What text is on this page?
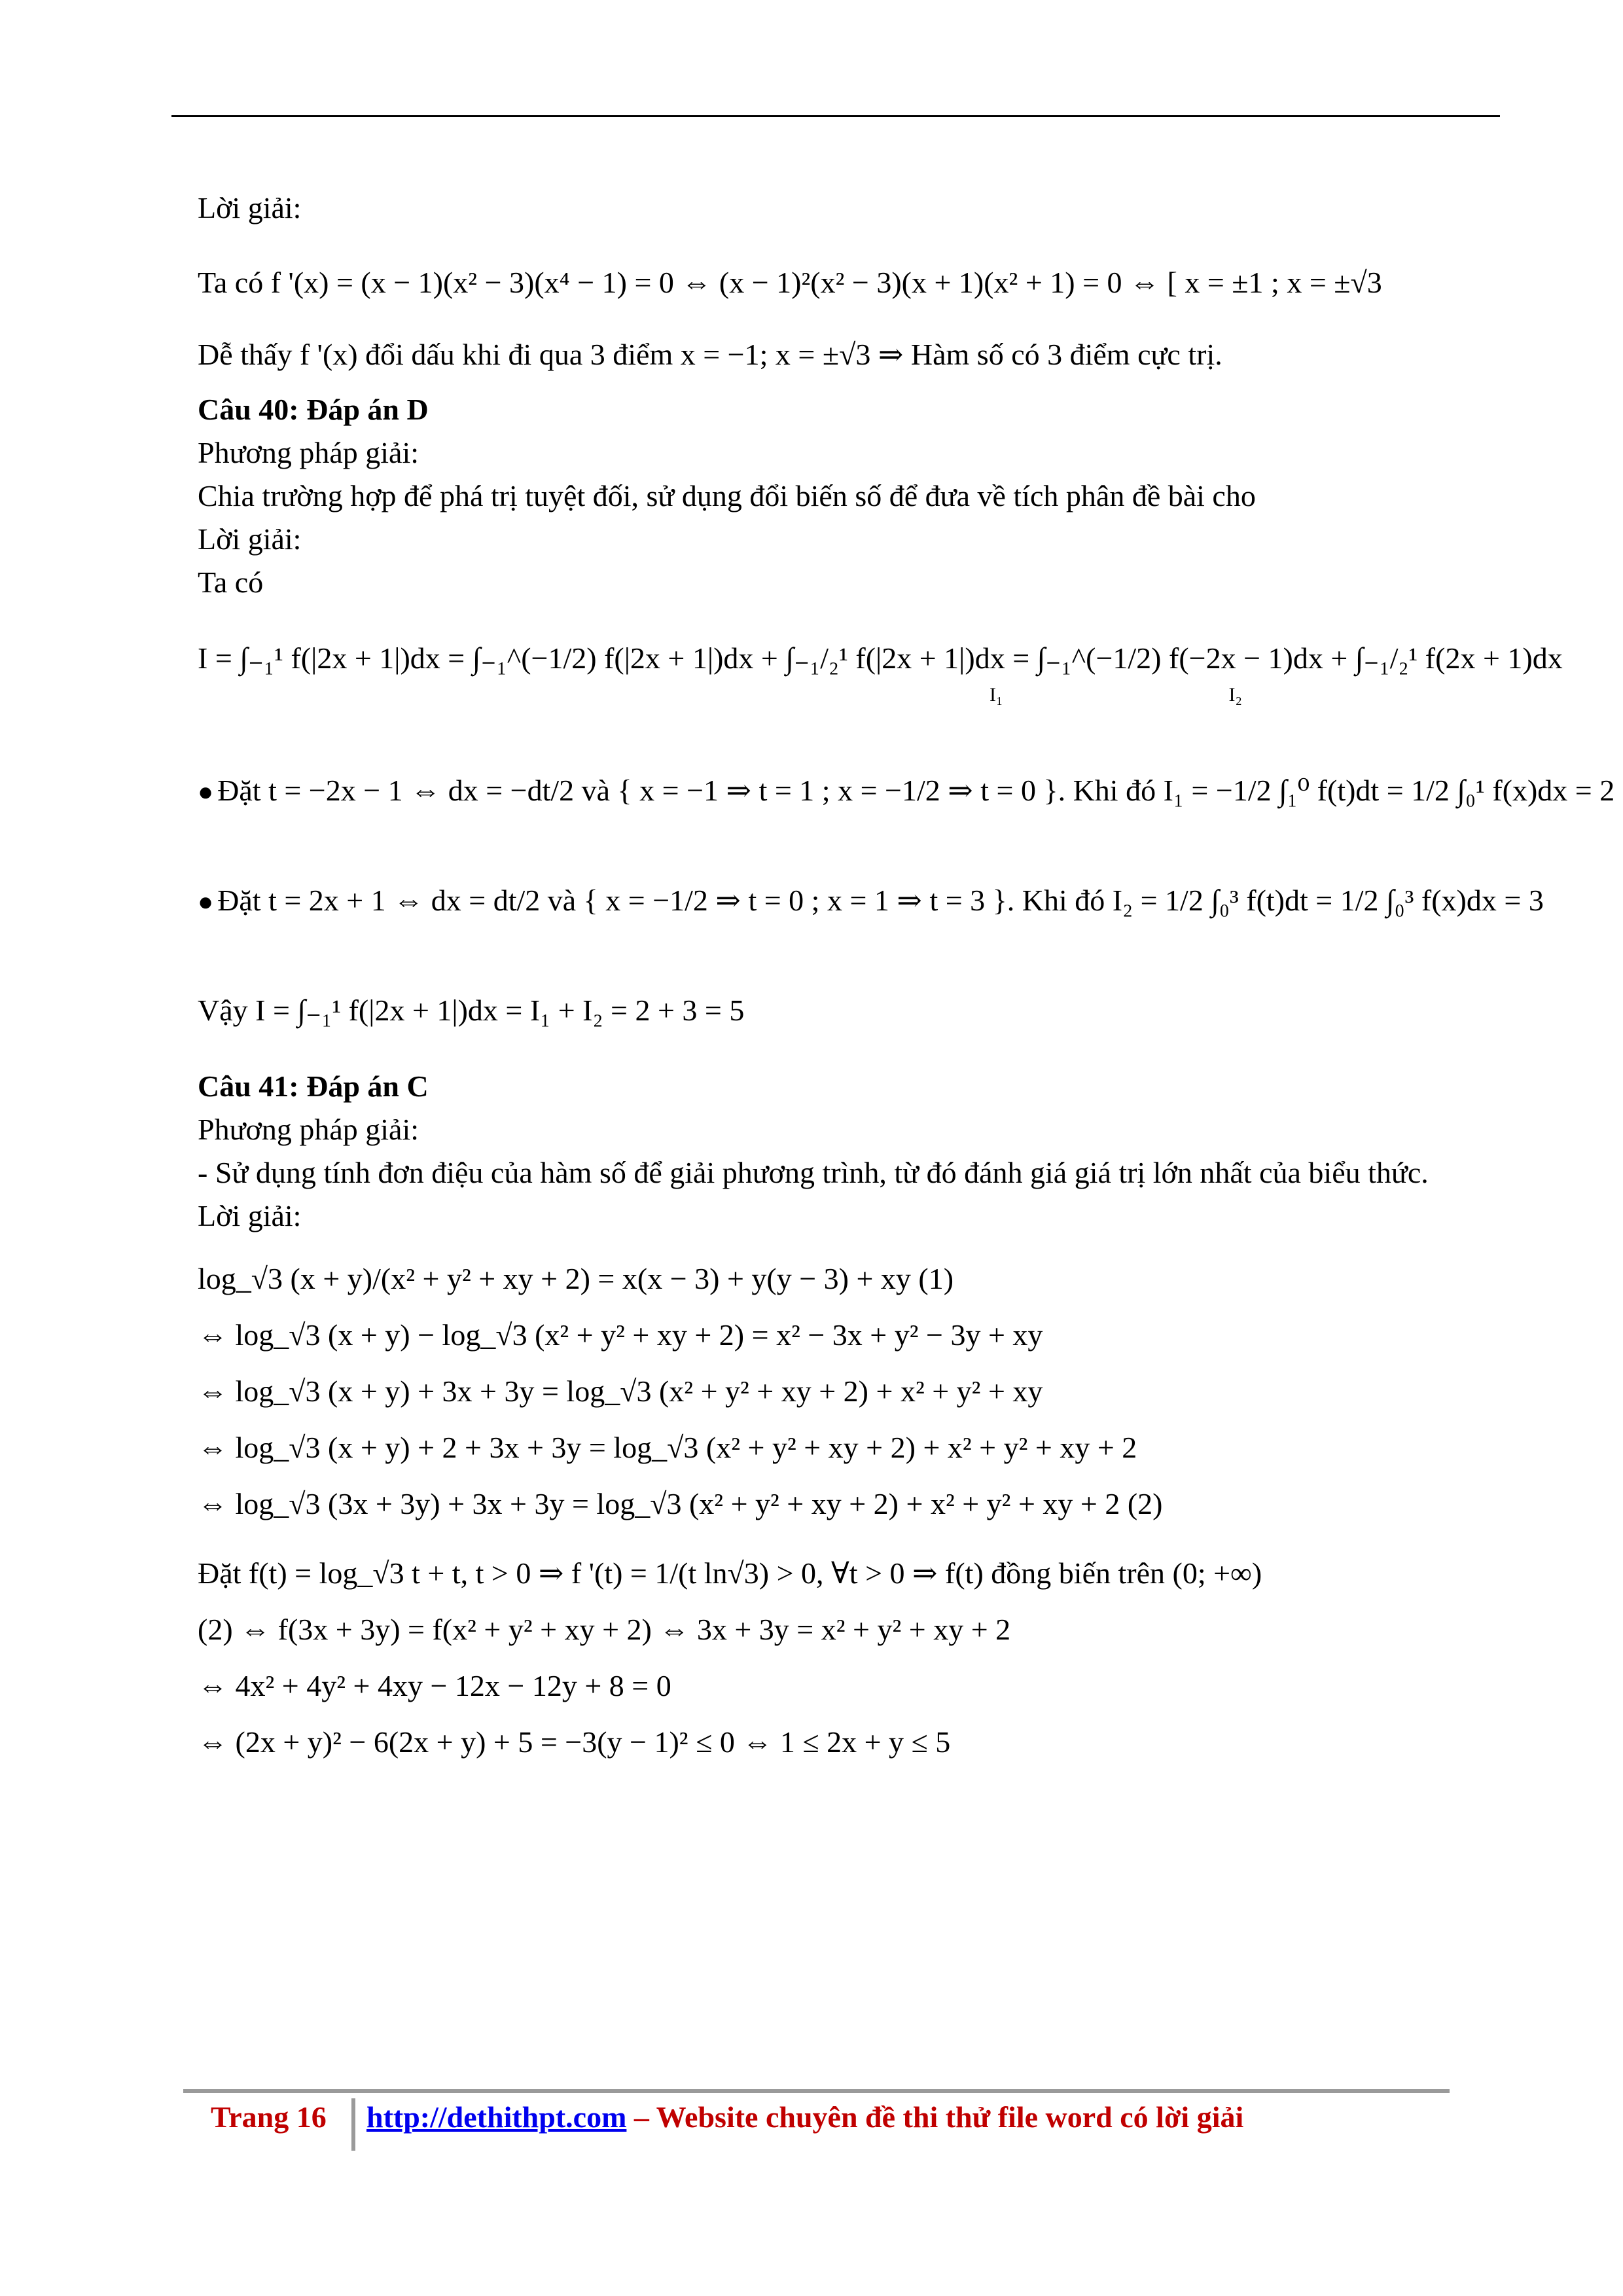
Lời giải:
Ta có f '(x) = (x − 1)(x² − 3)(x⁴ − 1) = 0 ⇔ (x − 1)²(x² − 3)(x + 1)(x² + 1) = 0 ⇔ [ x = ±1 ; x = ±√3
Dễ thấy f '(x) đổi dấu khi đi qua 3 điểm x = −1; x = ±√3 ⇒ Hàm số có 3 điểm cực trị.
Câu 40: Đáp án D
Phương pháp giải:
Chia trường hợp để phá trị tuyệt đối, sử dụng đổi biến số để đưa về tích phân đề bài cho
Lời giải:
Ta có
I = ∫₋₁¹ f(|2x + 1|)dx = ∫₋₁^(−1/2) f(|2x + 1|)dx + ∫₋₁/₂¹ f(|2x + 1|)dx = ∫₋₁^(−1/2) f(−2x − 1)dx + ∫₋₁/₂¹ f(2x + 1)dx
I₁	I₂
● Đặt t = −2x − 1 ⇔ dx = −dt/2 và { x = −1 ⇒ t = 1 ; x = −1/2 ⇒ t = 0 }. Khi đó I₁ = −1/2 ∫₁⁰ f(t)dt = 1/2 ∫₀¹ f(x)dx = 2
● Đặt t = 2x + 1 ⇔ dx = dt/2 và { x = −1/2 ⇒ t = 0 ; x = 1 ⇒ t = 3 }. Khi đó I₂ = 1/2 ∫₀³ f(t)dt = 1/2 ∫₀³ f(x)dx = 3
Vậy I = ∫₋₁¹ f(|2x + 1|)dx = I₁ + I₂ = 2 + 3 = 5
Câu 41: Đáp án C
Phương pháp giải:
- Sử dụng tính đơn điệu của hàm số để giải phương trình, từ đó đánh giá giá trị lớn nhất của biểu thức.
Lời giải:
log_√3 (x + y)/(x² + y² + xy + 2) = x(x − 3) + y(y − 3) + xy (1)
⇔ log_√3 (x + y) − log_√3 (x² + y² + xy + 2) = x² − 3x + y² − 3y + xy
⇔ log_√3 (x + y) + 3x + 3y = log_√3 (x² + y² + xy + 2) + x² + y² + xy
⇔ log_√3 (x + y) + 2 + 3x + 3y = log_√3 (x² + y² + xy + 2) + x² + y² + xy + 2
⇔ log_√3 (3x + 3y) + 3x + 3y = log_√3 (x² + y² + xy + 2) + x² + y² + xy + 2 (2)
Đặt f(t) = log_√3 t + t, t > 0 ⇒ f '(t) = 1/(t ln√3) > 0, ∀t > 0 ⇒ f(t) đồng biến trên (0; +∞)
(2) ⇔ f(3x + 3y) = f(x² + y² + xy + 2) ⇔ 3x + 3y = x² + y² + xy + 2
⇔ 4x² + 4y² + 4xy − 12x − 12y + 8 = 0
⇔ (2x + y)² − 6(2x + y) + 5 = −3(y − 1)² ≤ 0 ⇔ 1 ≤ 2x + y ≤ 5
Trang 16 http://dethithpt.com – Website chuyên đề thi thử file word có lời giải
